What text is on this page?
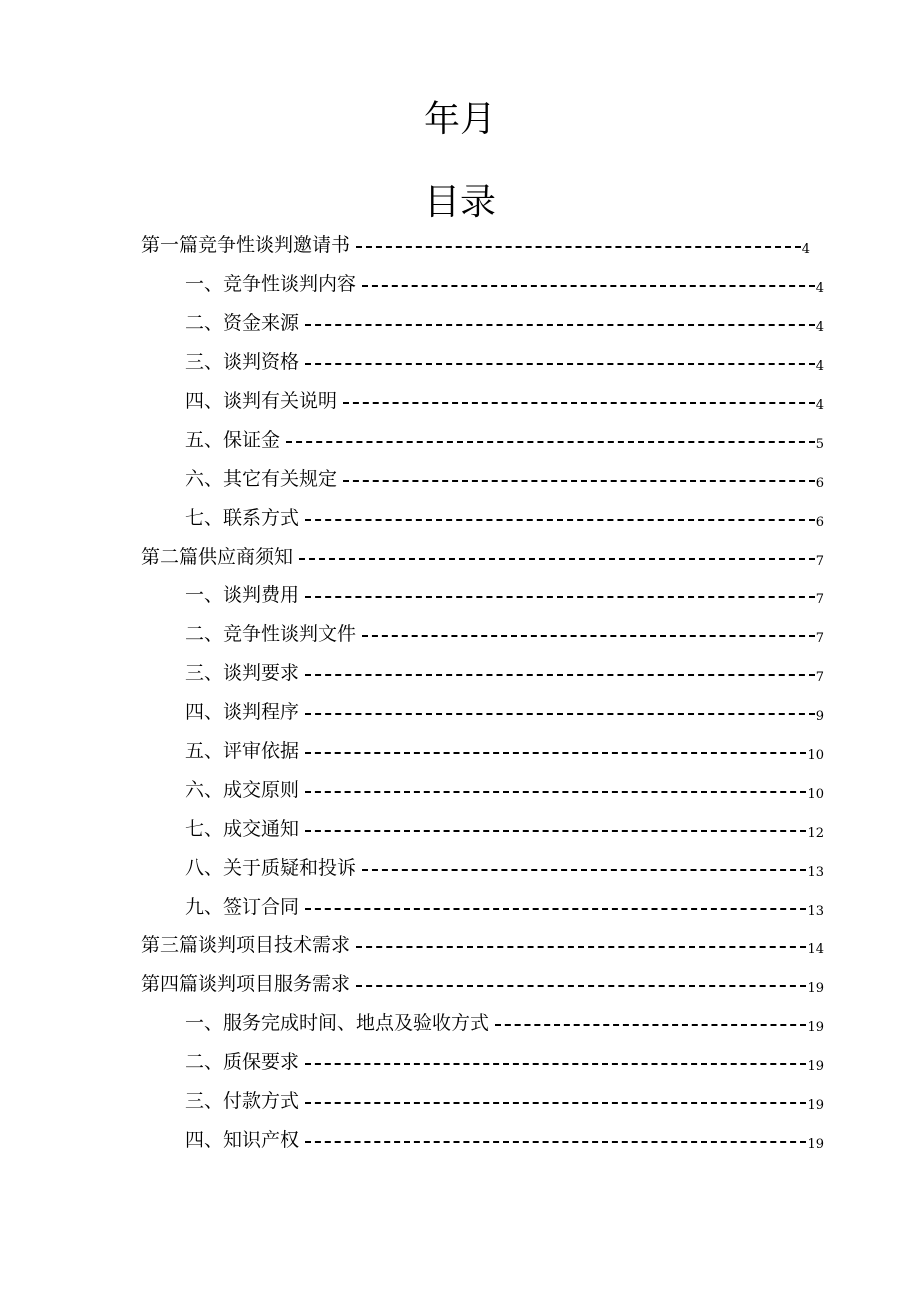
年月
目录
第一篇竞争性谈判邀请书	4
一、竞争性谈判内容	4
二、资金来源	4
三、谈判资格	4
四、谈判有关说明	4
五、保证金	5
六、其它有关规定	6
七、联系方式	6
第二篇供应商须知	7
一、谈判费用	7
二、竞争性谈判文件	7
三、谈判要求	7
四、谈判程序	9
五、评审依据	10
六、成交原则	10
七、成交通知	12
八、关于质疑和投诉	13
九、签订合同	13
第三篇谈判项目技术需求	14
第四篇谈判项目服务需求	19
一、服务完成时间、地点及验收方式	19
二、质保要求	19
三、付款方式	19
四、知识产权	19
